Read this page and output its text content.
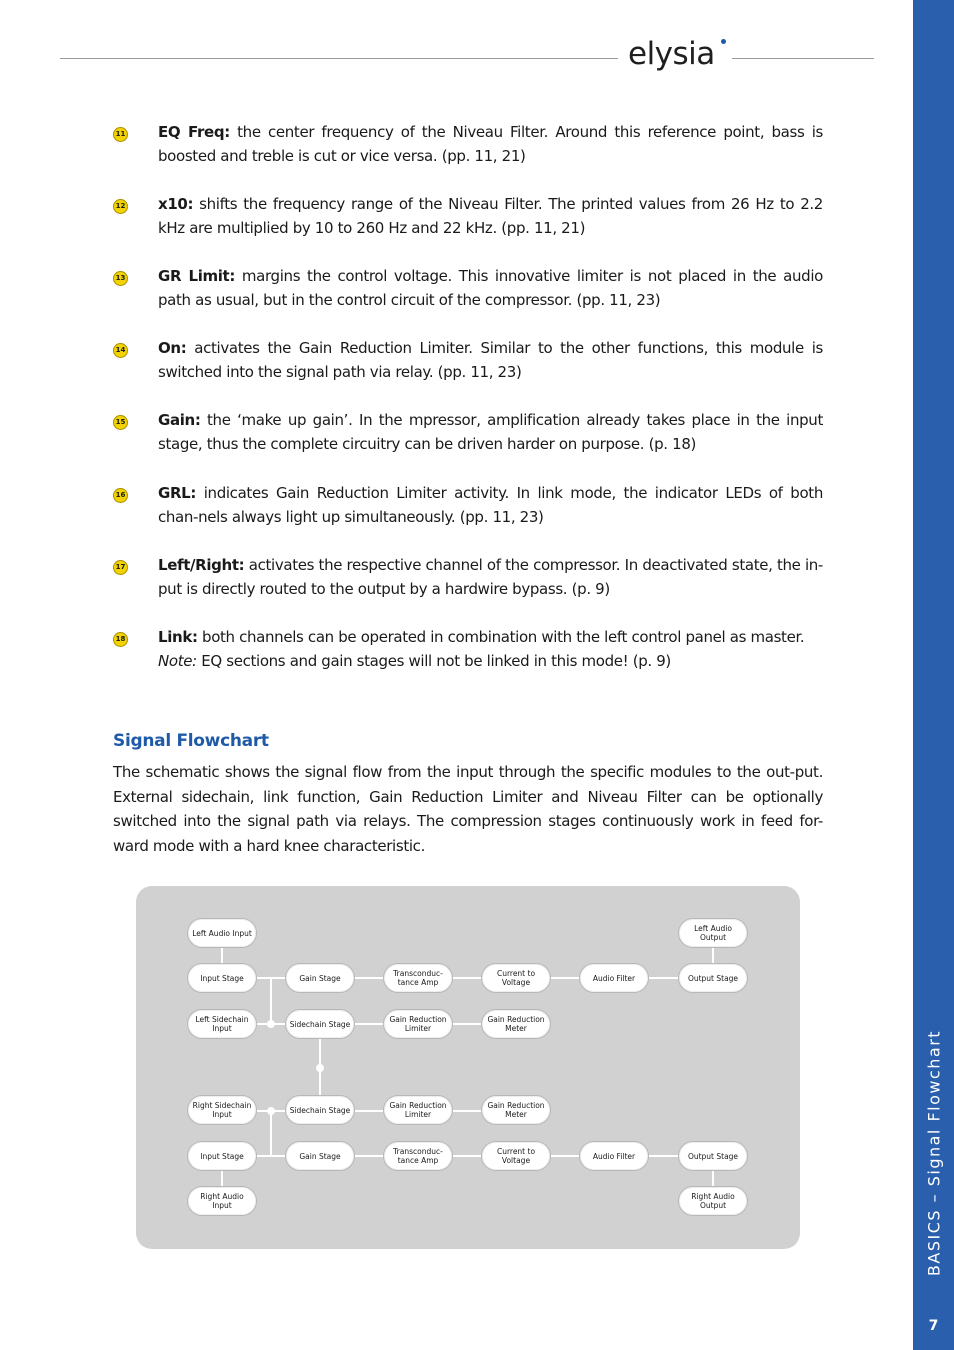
elysia
BASICS – Signal Flowchart
7
11 EQ Freq: the center frequency of the Niveau Filter. Around this reference point, bass is boosted and treble is cut or vice versa. (pp. 11, 21)
12 x10: shifts the frequency range of the Niveau Filter. The printed values from 26 Hz to 2.2 kHz are multiplied by 10 to 260 Hz and 22 kHz. (pp. 11, 21)
13 GR Limit: margins the control voltage. This innovative limiter is not placed in the audio path as usual, but in the control circuit of the compressor. (pp. 11, 23)
14 On: activates the Gain Reduction Limiter. Similar to the other functions, this module is switched into the signal path via relay. (pp. 11, 23)
15 Gain: the ‘make up gain’. In the mpressor, amplification already takes place in the input stage, thus the complete circuitry can be driven harder on purpose. (p. 18)
16 GRL: indicates Gain Reduction Limiter activity. In link mode, the indicator LEDs of both chan-nels always light up simultaneously. (pp. 11, 23)
17 Left/Right: activates the respective channel of the compressor. In deactivated state, the in-put is directly routed to the output by a hardwire bypass. (p. 9)
18 Link: both channels can be operated in combination with the left control panel as master.
Note: EQ sections and gain stages will not be linked in this mode! (p. 9)
Signal Flowchart
The schematic shows the signal flow from the input through the specific modules to the out-put. External sidechain, link function, Gain Reduction Limiter and Niveau Filter can be optionally switched into the signal path via relays. The compression stages continuously work in feed for-ward mode with a hard knee characteristic.
Left Audio Input	Left Audio Output
Input Stage	Gain Stage	Transconduc-tance Amp
Current to Voltage	Audio Filter	Output Stage
Left Sidechain Input	Sidechain Stage	Gain Reduction Limiter
Gain Reduction Meter
Right Sidechain Input	Sidechain Stage	Gain Reduction Limiter
Gain Reduction Meter
Input Stage	Gain Stage	Transconduc-tance Amp
Current to Voltage	Audio Filter	Output Stage
Right Audio Input
Right Audio Output
